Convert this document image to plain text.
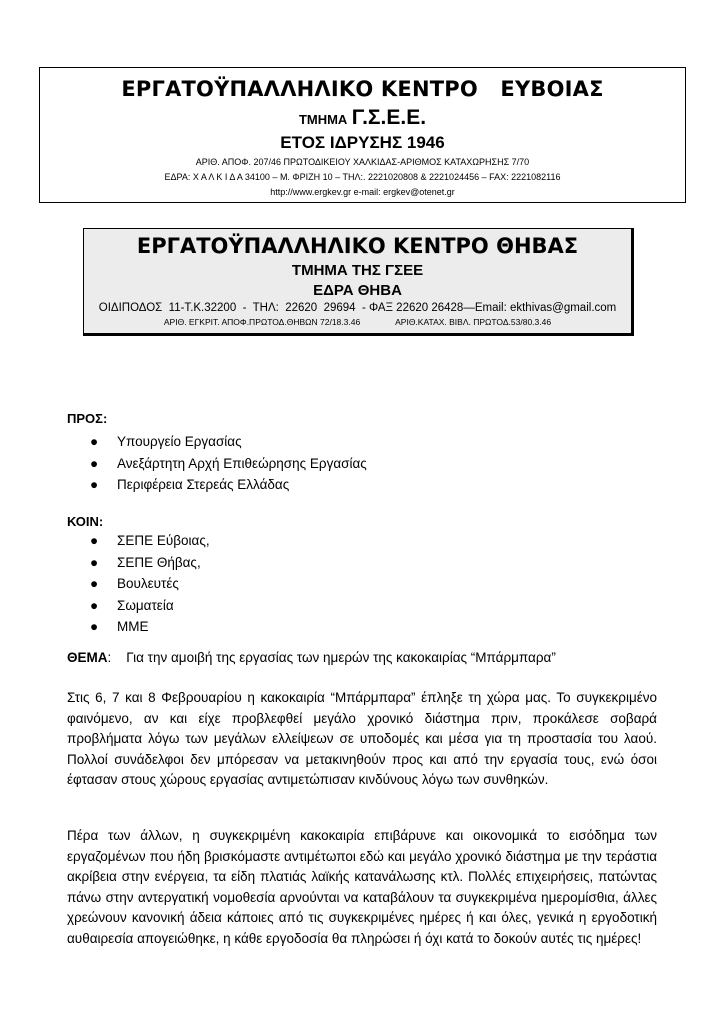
ΕΡΓΑΤΟΫΠΑΛΛΗΛΙΚΟ ΚΕΝΤΡΟ   ΕΥΒΟΙΑΣ
ΤΜΗΜΑ Γ.Σ.Ε.Ε.
ΕΤΟΣ ΙΔΡΥΣΗΣ 1946
ΑΡΙΘ. ΑΠΟΦ. 207/46 ΠΡΩΤΟΔΙΚΕΙΟΥ ΧΑΛΚΙΔΑΣ-ΑΡΙΘΜΟΣ ΚΑΤΑΧΩΡΗΣΗΣ 7/70
ΕΔΡΑ: Χ Α Λ Κ Ι Δ Α 34100 – Μ. ΦΡΙΖΗ 10 – ΤΗΛ:. 2221020808 & 2221024456 – FAX: 2221082116
http://www.ergkev.gr e-mail: ergkev@otenet.gr
ΕΡΓΑΤΟΫΠΑΛΛΗΛΙΚΟ ΚΕΝΤΡΟ ΘΗΒΑΣ
ΤΜΗΜΑ ΤΗΣ ΓΣΕΕ
ΕΔΡΑ ΘΗΒΑ
ΟΙΔΙΠΟΔΟΣ  11-Τ.Κ.32200  -  ΤΗΛ:  22620  29694  - ΦΑΞ 22620 26428—Email: ekthivas@gmail.com
ΑΡΙΘ. ΕΓΚΡΙΤ. ΑΠΟΦ.ΠΡΩΤΟΔ.ΘΗΒΩΝ 72/18.3.46               ΑΡΙΘ.ΚΑΤΑΧ. ΒΙΒΛ. ΠΡΩΤΟΔ.53/80.3.46
ΠΡΟΣ:
● Υπουργείο Εργασίας
● Ανεξάρτητη Αρχή Επιθεώρησης Εργασίας
● Περιφέρεια Στερεάς Ελλάδας
ΚΟΙΝ:
● ΣΕΠΕ Εύβοιας,
● ΣΕΠΕ Θήβας,
● Βουλευτές
● Σωματεία
● ΜΜΕ
ΘΕΜΑ:    Για την αμοιβή της εργασίας των ημερών της κακοκαιρίας “Μπάρμπαρα”

Στις 6, 7 και 8 Φεβρουαρίου η κακοκαιρία “Μπάρμπαρα” έπληξε τη χώρα μας. Το συγκεκριμένο φαινόμενο, αν και είχε προβλεφθεί μεγάλο χρονικό διάστημα πριν, προκάλεσε σοβαρά προβλήματα λόγω των μεγάλων ελλείψεων σε υποδομές και μέσα για τη προστασία του λαού. Πολλοί συνάδελφοι δεν μπόρεσαν να μετακινηθούν προς και από την εργασία τους, ενώ όσοι έφτασαν στους χώρους εργασίας αντιμετώπισαν κινδύνους λόγω των συνθηκών.

Πέρα των άλλων, η συγκεκριμένη κακοκαιρία επιβάρυνε και οικονομικά το εισόδημα των εργαζομένων που ήδη βρισκόμαστε αντιμέτωποι εδώ και μεγάλο χρονικό διάστημα με την τεράστια ακρίβεια στην ενέργεια, τα είδη πλατιάς λαϊκής κατανάλωσης κτλ. Πολλές επιχειρήσεις, πατώντας πάνω στην αντεργατική νομοθεσία αρνούνται να καταβάλουν τα συγκεκριμένα ημερομίσθια, άλλες χρεώνουν κανονική άδεια κάποιες από τις συγκεκριμένες ημέρες ή και όλες, γενικά η εργοδοτική αυθαιρεσία απογειώθηκε, η κάθε εργοδοσία θα πληρώσει ή όχι κατά το δοκούν αυτές τις ημέρες!
